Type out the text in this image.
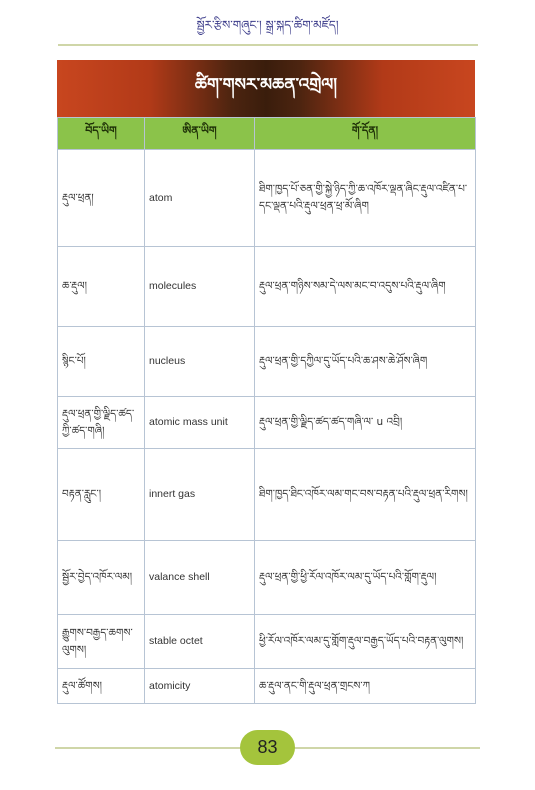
སྦྱོར་རྩིས་གཞུང་། སྒྲ་སྐད་ཚིག་མཛོད།
ཚིག་གསར་མཆན་འགྲེལ།
བོད་ཡིག	ཨིན་ཡིག	གོ་དོན།
རྡུལ་ཕྲན།	atom	ཐིག་ཁྱད་པོ་ཅན་གྱི་སྐྱེ་ཉིད་ཀྱི་ཆ་འཁོར་ལྡན་ཞིང་རྡུལ་འཛིན་པ་དང་ལྡན་པའི་རྡུལ་ཕྲན་ཕྲ་མོ་ཞིག
ཆ་རྡུལ།	molecules	རྡུལ་ཕྲན་གཉིས་སམ་དེ་ལས་མང་བ་འདུས་པའི་རྡུལ་ཞིག
སྙིང་པོ།	nucleus	རྡུལ་ཕྲན་གྱི་དཀྱིལ་དུ་ཡོད་པའི་ཆ་ཤས་ཆེ་ཤོས་ཞིག
རྡུལ་ཕྲན་གྱི་ལྗིད་ཚད་ཀྱི་ཚད་གཞི།	atomic mass unit	རྡུལ་ཕྲན་གྱི་ལྗིད་ཚད་ཚད་གཞི་ལ་ u འབྲི།
བརྟན་རླུང་།	innert gas	ཐིག་ཁྱད་ཐིང་འཁོར་ལམ་གང་བས་བརྟན་པའི་རྡུལ་ཕྲན་རིགས།
སྦྱོར་བྱེད་འཁོར་ལམ།	valance shell	རྡུལ་ཕྲན་གྱི་ཕྱི་རོལ་འཁོར་ལམ་དུ་ཡོད་པའི་གློག་རྡུལ།
རྒྱུགས་བརྒྱད་ཆགས་ལུགས།	stable octet	ཕྱི་རོལ་འཁོར་ལམ་དུ་གློག་རྡུལ་བརྒྱད་ཡོད་པའི་བརྟན་ལུགས།
རྡུལ་ཚོགས།	atomicity	ཆ་རྡུལ་ནང་གི་རྡུལ་ཕྲན་གྲངས་ཀ
83
